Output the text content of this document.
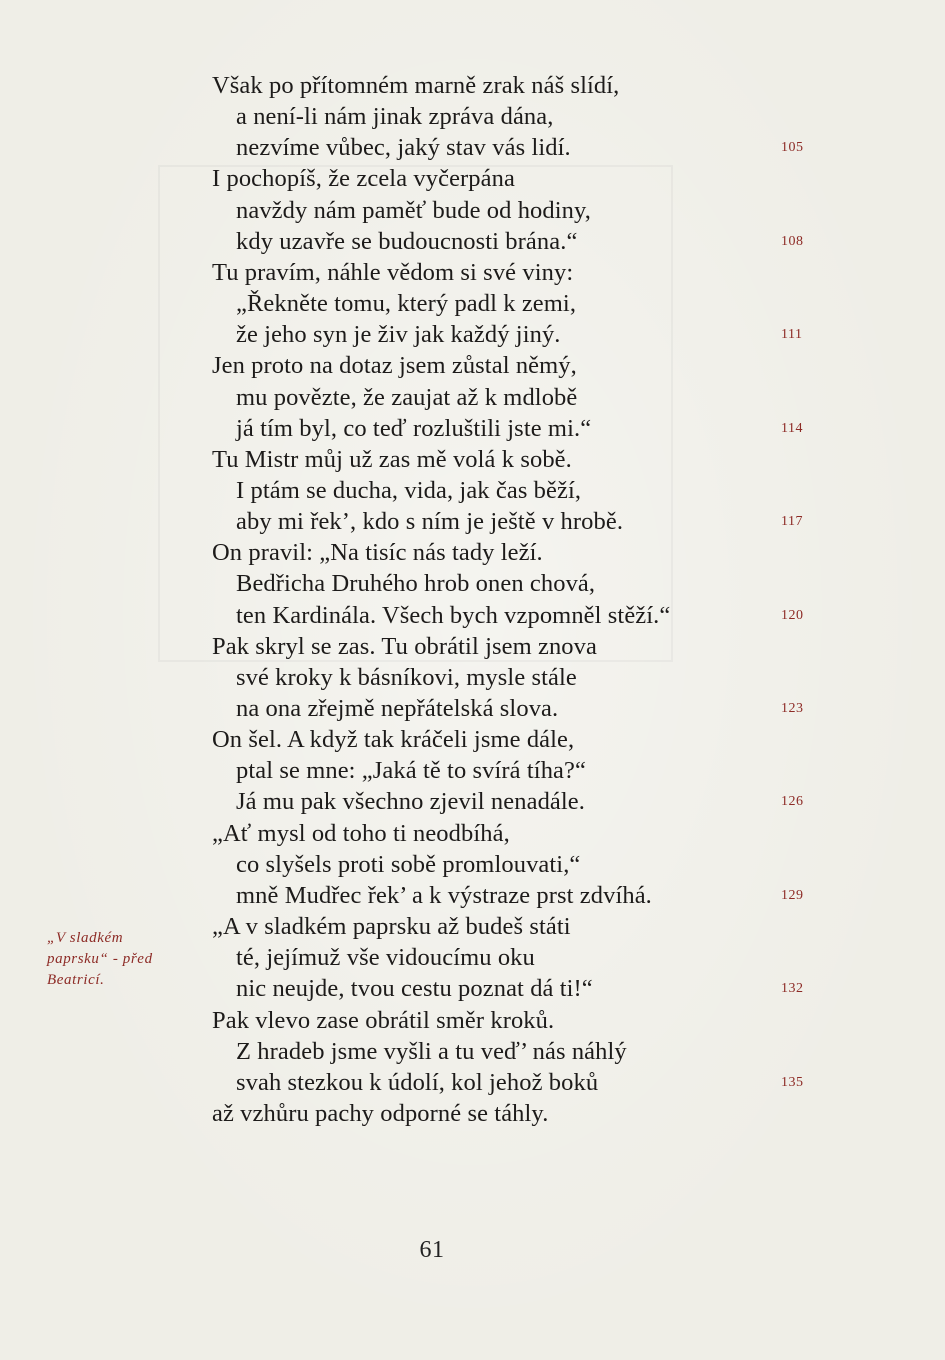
Však po přítomném marně zrak náš slídí,
a není-li nám jinak zpráva dána,
nezvíme vůbec, jaký stav vás lidí.
I pochopíš, že zcela vyčerpána
navždy nám paměť bude od hodiny,
kdy uzavře se budoucnosti brána.“
Tu pravím, náhle vědom si své viny:
„Řekněte tomu, který padl k zemi,
že jeho syn je živ jak každý jiný.
Jen proto na dotaz jsem zůstal němý,
mu povězte, že zaujat až k mdlobě
já tím byl, co teď rozluštili jste mi.“
Tu Mistr můj už zas mě volá k sobě.
I ptám se ducha, vida, jak čas běží,
aby mi řek’, kdo s ním je ještě v hrobě.
On pravil: „Na tisíc nás tady leží.
Bedřicha Druhého hrob onen chová,
ten Kardinála. Všech bych vzpomněl stěží.“
Pak skryl se zas. Tu obrátil jsem znova
své kroky k básníkovi, mysle stále
na ona zřejmě nepřátelská slova.
On šel. A když tak kráčeli jsme dále,
ptal se mne: „Jaká tě to svírá tíha?“
Já mu pak všechno zjevil nenadále.
„Ať mysl od toho ti neodbíhá,
co slyšels proti sobě promlouvati,“
mně Mudřec řek’ a k výstraze prst zdvíhá.
„A v sladkém paprsku až budeš státi
té, jejímuž vše vidoucímu oku
nic neujde, tvou cestu poznat dá ti!“
Pak vlevo zase obrátil směr kroků.
Z hradeb jsme vyšli a tu veď’ nás náhlý
svah stezkou k údolí, kol jehož boků
až vzhůru pachy odporné se táhly.
105
108
111
114
117
120
123
126
129
132
135
„V sladkém
paprsku“ - před
Beatricí.
61
